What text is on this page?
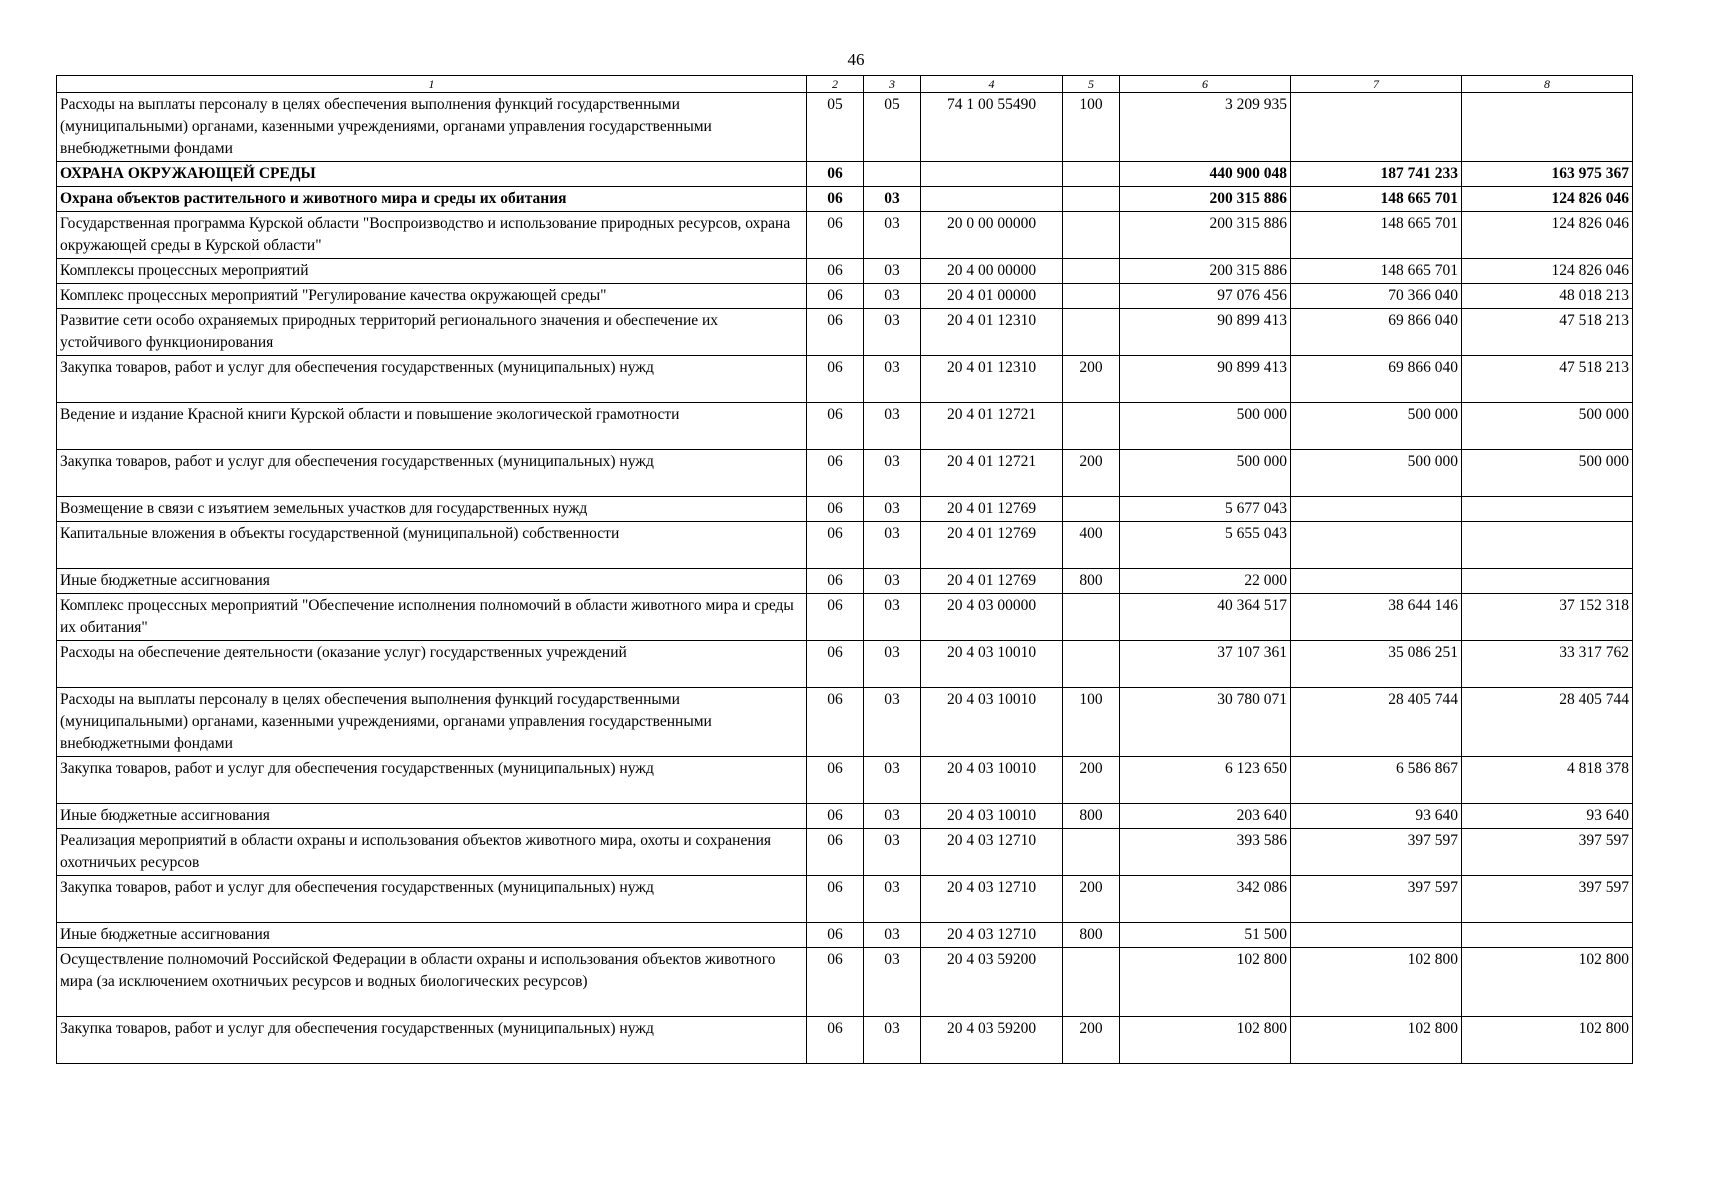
46
1	2	3	4	5	6	7	8
Расходы на выплаты персоналу в целях обеспечения выполнения функций государственными (муниципальными) органами, казенными учреждениями, органами управления государственными внебюджетными фондами	05	05	74 1 00 55490	100	3 209 935		
ОХРАНА ОКРУЖАЮЩЕЙ СРЕДЫ	06				440 900 048	187 741 233	163 975 367
Охрана объектов растительного и животного мира и среды их обитания	06	03			200 315 886	148 665 701	124 826 046
Государственная программа Курской области "Воспроизводство и использование природных ресурсов, охрана окружающей среды в Курской области"	06	03	20 0 00 00000		200 315 886	148 665 701	124 826 046
Комплексы процессных мероприятий	06	03	20 4 00 00000		200 315 886	148 665 701	124 826 046
Комплекс процессных мероприятий "Регулирование качества окружающей среды"	06	03	20 4 01 00000		97 076 456	70 366 040	48 018 213
Развитие сети особо охраняемых природных территорий регионального значения и обеспечение их устойчивого функционирования	06	03	20 4 01 12310		90 899 413	69 866 040	47 518 213
Закупка товаров, работ и услуг для обеспечения государственных (муниципальных) нужд	06	03	20 4 01 12310	200	90 899 413	69 866 040	47 518 213
Ведение и издание Красной книги Курской области и повышение экологической грамотности	06	03	20 4 01 12721		500 000	500 000	500 000
Закупка товаров, работ и услуг для обеспечения государственных (муниципальных) нужд	06	03	20 4 01 12721	200	500 000	500 000	500 000
Возмещение в связи с изъятием земельных участков для государственных нужд	06	03	20 4 01 12769		5 677 043		
Капитальные вложения в объекты государственной (муниципальной) собственности	06	03	20 4 01 12769	400	5 655 043		
Иные бюджетные ассигнования	06	03	20 4 01 12769	800	22 000		
Комплекс процессных мероприятий "Обеспечение исполнения полномочий в области животного мира и среды их обитания"	06	03	20 4 03 00000		40 364 517	38 644 146	37 152 318
Расходы на обеспечение деятельности (оказание услуг) государственных учреждений	06	03	20 4 03 10010		37 107 361	35 086 251	33 317 762
Расходы на выплаты персоналу в целях обеспечения выполнения функций государственными (муниципальными) органами, казенными учреждениями, органами управления государственными внебюджетными фондами	06	03	20 4 03 10010	100	30 780 071	28 405 744	28 405 744
Закупка товаров, работ и услуг для обеспечения государственных (муниципальных) нужд	06	03	20 4 03 10010	200	6 123 650	6 586 867	4 818 378
Иные бюджетные ассигнования	06	03	20 4 03 10010	800	203 640	93 640	93 640
Реализация мероприятий в области охраны и использования объектов животного мира, охоты и сохранения охотничьих ресурсов	06	03	20 4 03 12710		393 586	397 597	397 597
Закупка товаров, работ и услуг для обеспечения государственных (муниципальных) нужд	06	03	20 4 03 12710	200	342 086	397 597	397 597
Иные бюджетные ассигнования	06	03	20 4 03 12710	800	51 500		
Осуществление полномочий Российской Федерации в области охраны и использования объектов животного мира (за исключением охотничьих ресурсов и водных биологических ресурсов)	06	03	20 4 03 59200		102 800	102 800	102 800
Закупка товаров, работ и услуг для обеспечения государственных (муниципальных) нужд	06	03	20 4 03 59200	200	102 800	102 800	102 800
